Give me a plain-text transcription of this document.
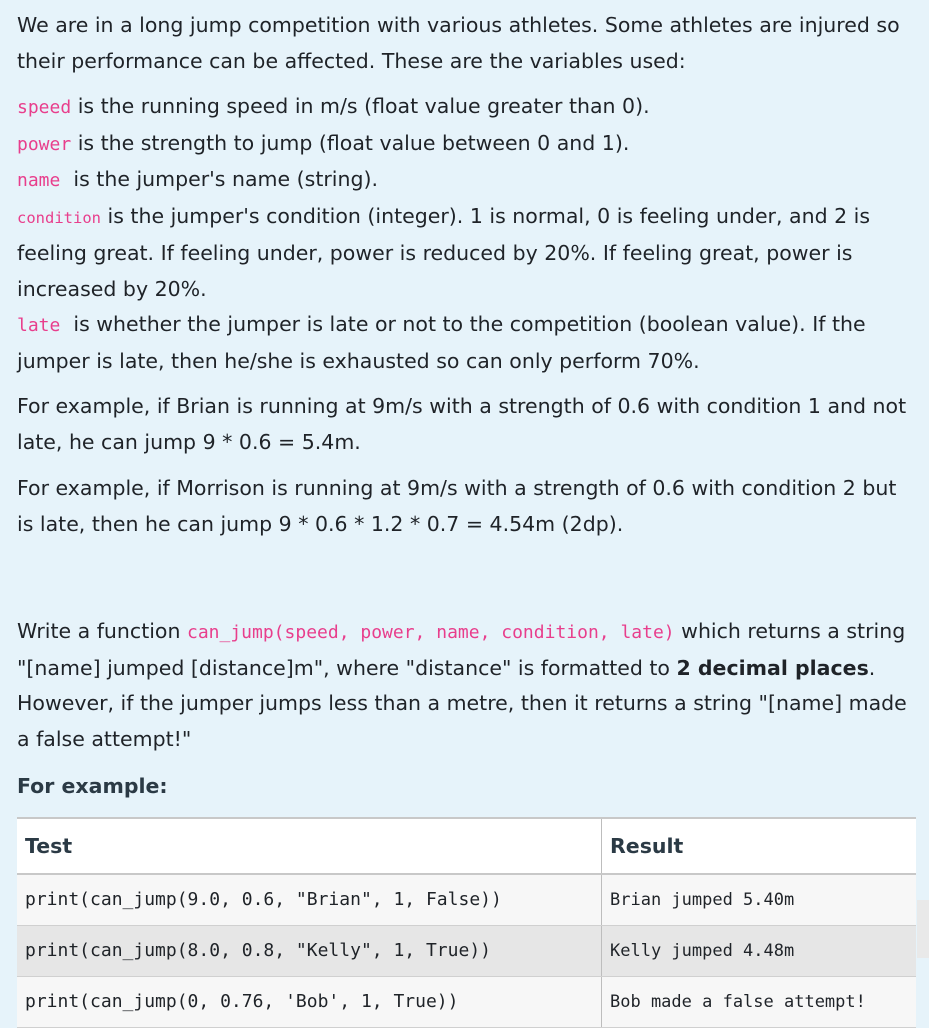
We are in a long jump competition with various athletes. Some athletes are injured so their performance can be affected. These are the variables used:

speed is the running speed in m/s (float value greater than 0).

power is the strength to jump (float value between 0 and 1).

name  is the jumper's name (string).

condition is the jumper's condition (integer). 1 is normal, 0 is feeling under, and 2 is feeling great. If feeling under, power is reduced by 20%. If feeling great, power is increased by 20%.

late  is whether the jumper is late or not to the competition (boolean value). If the jumper is late, then he/she is exhausted so can only perform 70%.

For example, if Brian is running at 9m/s with a strength of 0.6 with condition 1 and not late, he can jump 9 * 0.6 = 5.4m.

For example, if Morrison is running at 9m/s with a strength of 0.6 with condition 2 but is late, then he can jump 9 * 0.6 * 1.2 * 0.7 = 4.54m (2dp).

Write a function can_jump(speed, power, name, condition, late) which returns a string "[name] jumped [distance]m", where "distance" is formatted to 2 decimal places. However, if the jumper jumps less than a metre, then it returns a string "[name] made a false attempt!"

For example:

Test	Result
print(can_jump(9.0, 0.6, "Brian", 1, False))	Brian jumped 5.40m
print(can_jump(8.0, 0.8, "Kelly", 1, True))	Kelly jumped 4.48m
print(can_jump(0, 0.76, 'Bob', 1, True))	Bob made a false attempt!
